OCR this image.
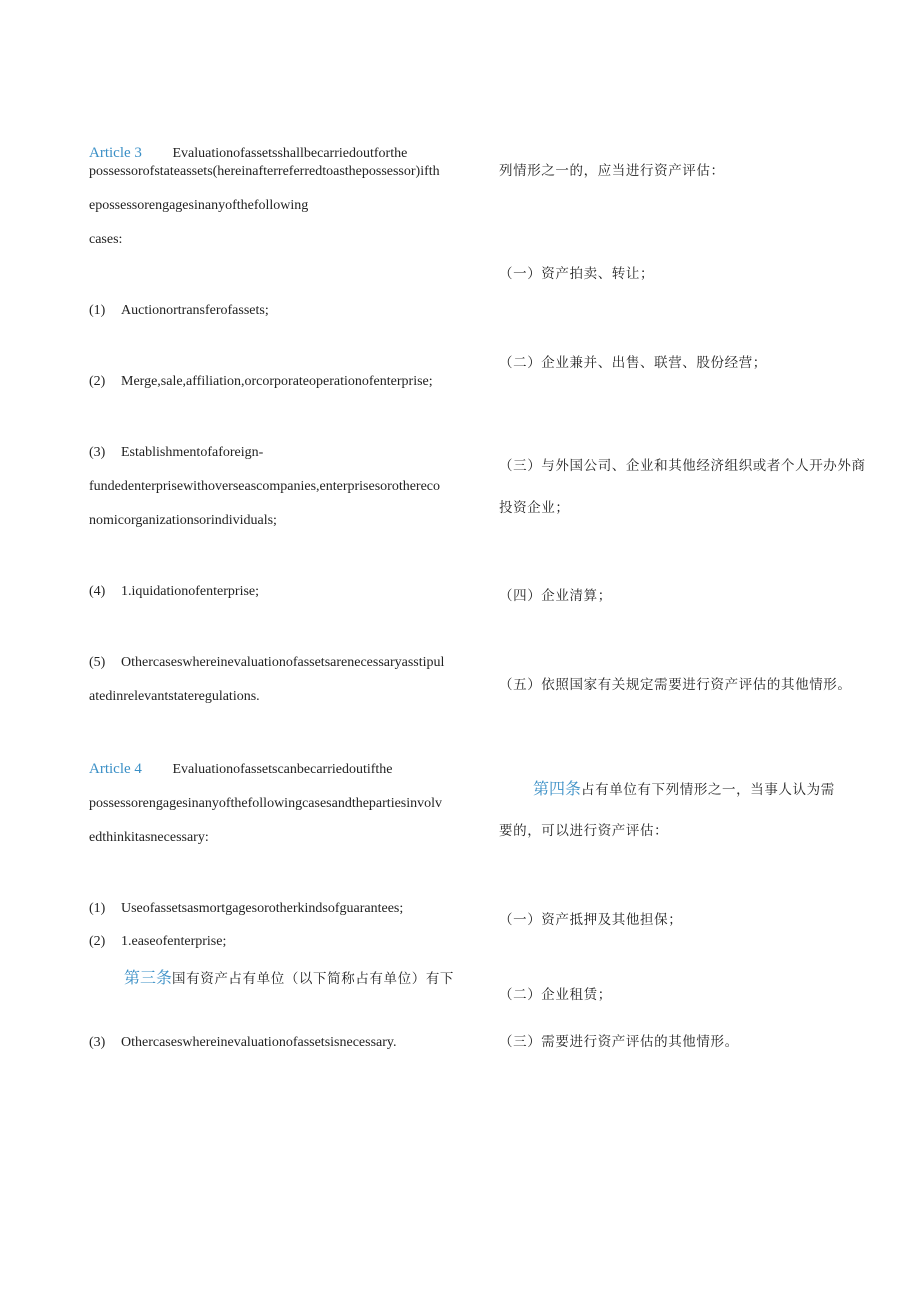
Article 3 Evaluationofassetsshallbecarriedoutforthe
possessorofstateassets(hereinafterreferredtoasthepossessor)ifth
epossessorengagesinanyofthefollowing
cases:
(1) Auctionortransferofassets;
(2) Merge,sale,affiliation,orcorporateoperationofenterprise;
(3) Establishmentofaforeign-
fundedenterprisewithoverseascompanies,enterprisesorothereco
nomicorganizationsorindividuals;
(4) 1.iquidationofenterprise;
(5) Othercaseswhereinevaluationofassetsarenecessaryasstipul
atedinrelevantstateregulations.
Article 4 Evaluationofassetscanbecarriedoutifthe
possessorengagesinanyofthefollowingcasesandthepartiesinvolv
edthinkitasnecessary:
(1) Useofassetsasmortgagesorotherkindsofguarantees;
(2) 1.easeofenterprise;
第三条国有资产占有单位（以下简称占有单位）有下
(3) Othercaseswhereinevaluationofassetsisnecessary.
列情形之一的，应当进行资产评估：
（一）资产拍卖、转让；
（二）企业兼并、出售、联营、股份经营；
（三）与外国公司、企业和其他经济组织或者个人开办外商
投资企业；
（四）企业清算；
（五）依照国家有关规定需要进行资产评估的其他情形。
第四条占有单位有下列情形之一，当事人认为需
要的，可以进行资产评估：
（一）资产抵押及其他担保；
（二）企业租赁；
（三）需要进行资产评估的其他情形。
